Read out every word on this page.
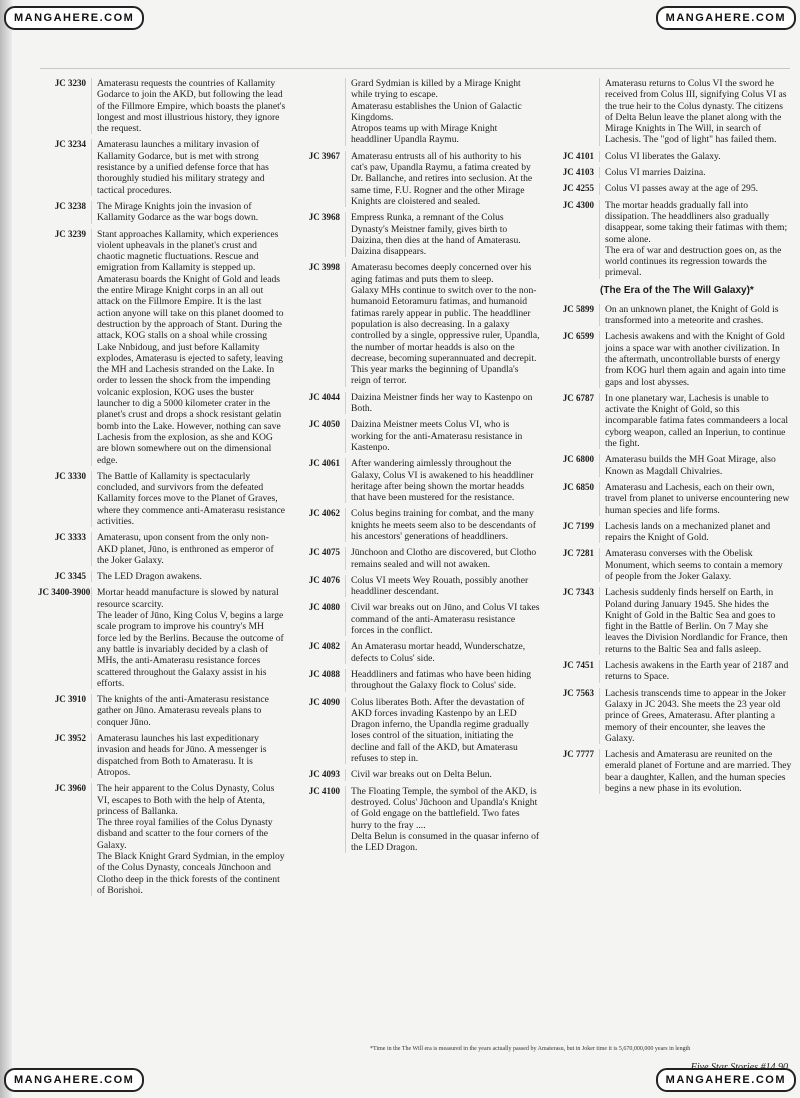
MANGAHERE.COM	MANGAHERE.COM
MANGAHERE.COM	MANGAHERE.COM
JC 3230	Amaterasu requests the countries of Kallamity Godarce to join the AKD, but following the lead of the Fillmore Empire, which boasts the planet's longest and most illustrious history, they ignore the request.

JC 3234	Amaterasu launches a military invasion of Kallamity Godarce, but is met with strong resistance by a unified defense force that has thoroughly studied his military strategy and tactical procedures.

JC 3238	The Mirage Knights join the invasion of Kallamity Godarce as the war bogs down.

JC 3239	Stant approaches Kallamity, which experiences violent upheavals in the planet's crust and chaotic magnetic fluctuations. Rescue and emigration from Kallamity is stepped up. Amaterasu boards the Knight of Gold and leads the entire Mirage Knight corps in an all out attack on the Fillmore Empire. It is the last action anyone will take on this planet doomed to destruction by the approach of Stant. During the attack, KOG stalls on a shoal while crossing Lake Nnbidoug, and just before Kallamity explodes, Amaterasu is ejected to safety, leaving the MH and Lachesis stranded on the Lake. In order to lessen the shock from the impending volcanic explosion, KOG uses the buster launcher to dig a 5000 kilometer crater in the planet's crust and drops a shock resistant gelatin bomb into the Lake. However, nothing can save Lachesis from the explosion, as she and KOG are blown somewhere out on the dimensional edge.

JC 3330	The Battle of Kallamity is spectacularly concluded, and survivors from the defeated Kallamity forces move to the Planet of Graves, where they commence anti-Amaterasu resistance activities.

JC 3333	Amaterasu, upon consent from the only non-AKD planet, Jūno, is enthroned as emperor of the Joker Galaxy.

JC 3345	The LED Dragon awakens.

JC 3400-3900 Mortar headd manufacture is slowed by natural resource scarcity.

The leader of Jūno, King Colus V, begins a large scale program to improve his country's MH force led by the Berlins. Because the outcome of any battle is invariably decided by a clash of MHs, the anti-Amaterasu resistance forces scattered throughout the Galaxy assist in his efforts.

JC 3910	The knights of the anti-Amaterasu resistance gather on Jūno. Amaterasu reveals plans to conquer Jūno.

JC 3952	Amaterasu launches his last expeditionary invasion and heads for Jūno. A messenger is dispatched from Both to Amaterasu. It is Atropos.

JC 3960	The heir apparent to the Colus Dynasty, Colus VI, escapes to Both with the help of Atenta, princess of Ballanka.

The three royal families of the Colus Dynasty disband and scatter to the four corners of the Galaxy.

The Black Knight Grard Sydmian, in the employ of the Colus Dynasty, conceals Jūnchoon and Clotho deep in the thick forests of the continent of Borishoi.

Grard Sydmian is killed by a Mirage Knight while trying to escape.

Amaterasu establishes the Union of Galactic Kingdoms.

Atropos teams up with Mirage Knight headdliner Upandla Raymu.

JC 3967	Amaterasu entrusts all of his authority to his cat's paw, Upandla Raymu, a fatima created by Dr. Ballanche, and retires into seclusion. At the same time, F.U. Rogner and the other Mirage Knights are cloistered and sealed.

JC 3968	Empress Runka, a remnant of the Colus Dynasty's Meistner family, gives birth to Daizina, then dies at the hand of Amaterasu. Daizina disappears.

JC 3998	Amaterasu becomes deeply concerned over his aging fatimas and puts them to sleep.

Galaxy MHs continue to switch over to the non-humanoid Eetoramuru fatimas, and humanoid fatimas rarely appear in public. The headdliner population is also decreasing. In a galaxy controlled by a single, oppressive ruler, Upandla, the number of mortar headds is also on the decrease, becoming superannuated and decrepit.

This year marks the beginning of Upandla's reign of terror.

JC 4044	Daizina Meistner finds her way to Kastenpo on Both.

JC 4050	Daizina Meistner meets Colus VI, who is working for the anti-Amaterasu resistance in Kastenpo.

JC 4061	After wandering aimlessly throughout the Galaxy, Colus VI is awakened to his headdliner heritage after being shown the mortar headds that have been mustered for the resistance.

JC 4062	Colus begins training for combat, and the many knights he meets seem also to be descendants of his ancestors' generations of headdliners.

JC 4075	Jūnchoon and Clotho are discovered, but Clotho remains sealed and will not awaken.

JC 4076	Colus VI meets Wey Rouath, possibly another headdliner descendant.

JC 4080	Civil war breaks out on Jūno, and Colus VI takes command of the anti-Amaterasu resistance forces in the conflict.

JC 4082	An Amaterasu mortar headd, Wunderschatze, defects to Colus' side.

JC 4088	Headdliners and fatimas who have been hiding throughout the Galaxy flock to Colus' side.

JC 4090	Colus liberates Both. After the devastation of AKD forces invading Kastenpo by an LED Dragon inferno, the Upandla regime gradually loses control of the situation, initiating the decline and fall of the AKD, but Amaterasu refuses to step in.

JC 4093	Civil war breaks out on Delta Belun.

JC 4100	The Floating Temple, the symbol of the AKD, is destroyed. Colus' Jūchoon and Upandla's Knight of Gold engage on the battlefield. Two fates hurry to the fray ....

Delta Belun is consumed in the quasar inferno of the LED Dragon.

Amaterasu returns to Colus VI the sword he received from Colus III, signifying Colus VI as the true heir to the Colus dynasty. The citizens of Delta Belun leave the planet along with the Mirage Knights in The Will, in search of Lachesis. The "god of light" has failed them.

JC 4101	Colus VI liberates the Galaxy.

JC 4103	Colus VI marries Daizina.

JC 4255	Colus VI passes away at the age of 295.

JC 4300	The mortar headds gradually fall into dissipation. The headdliners also gradually disappear, some taking their fatimas with them; some alone.

The era of war and destruction goes on, as the world continues its regression towards the primeval.

(The Era of the The Will Galaxy)*
JC 5899	On an unknown planet, the Knight of Gold is transformed into a meteorite and crashes.

JC 6599	Lachesis awakens and with the Knight of Gold joins a space war with another civilization. In the aftermath, uncontrollable bursts of energy from KOG hurl them again and again into time gaps and lost abysses.

JC 6787	In one planetary war, Lachesis is unable to activate the Knight of Gold, so this incomparable fatima fates commandeers a local cyborg weapon, called an Inperiun, to continue the fight.

JC 6800	Amaterasu builds the MH Goat Mirage, also Known as Magdall Chivalries.

JC 6850	Amaterasu and Lachesis, each on their own, travel from planet to universe encountering new human species and life forms.

JC 7199	Lachesis lands on a mechanized planet and repairs the Knight of Gold.

JC 7281	Amaterasu converses with the Obelisk Monument, which seems to contain a memory of people from the Joker Galaxy.

JC 7343	Lachesis suddenly finds herself on Earth, in Poland during January 1945. She hides the Knight of Gold in the Baltic Sea and goes to fight in the Battle of Berlin. On 7 May she leaves the Division Nordlandic for France, then returns to the Baltic Sea and falls asleep.

JC 7451	Lachesis awakens in the Earth year of 2187 and returns to Space.

JC 7563	Lachesis transcends time to appear in the Joker Galaxy in JC 2043. She meets the 23 year old prince of Grees, Amaterasu. After planting a memory of their encounter, she leaves the Galaxy.

JC 7777	Lachesis and Amaterasu are reunited on the emerald planet of Fortune and are married. They bear a daughter, Kallen, and the human species begins a new phase in its evolution.

*Time in the The Will era is measured in the years actually passed by Amaterasu, but in Joker time it is 5,670,000,000 years in length
Five Star Stories #14 90
